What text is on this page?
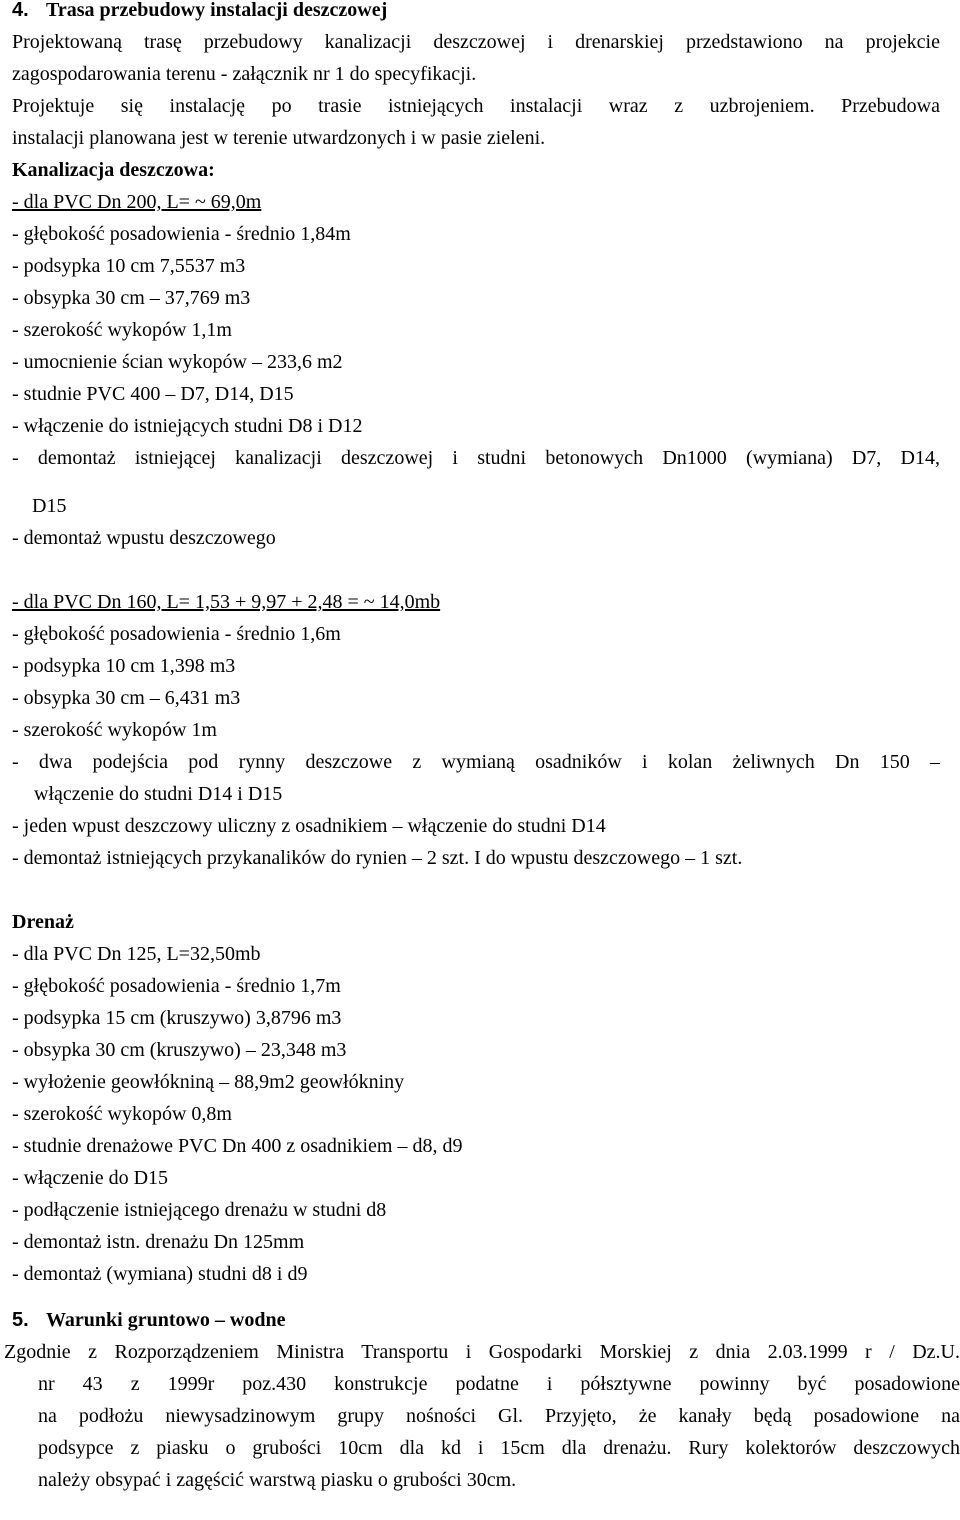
4. Trasa przebudowy instalacji deszczowej

Projektowaną trasę przebudowy kanalizacji deszczowej i drenarskiej przedstawiono na projekcie

zagospodarowania terenu - załącznik nr 1 do specyfikacji.

Projektuje się instalację po trasie istniejących instalacji wraz z uzbrojeniem. Przebudowa

instalacji planowana jest w terenie utwardzonych i w pasie zieleni.

Kanalizacja deszczowa:

- dla PVC Dn 200, L= ~ 69,0m

- głębokość posadowienia - średnio 1,84m

- podsypka 10 cm 7,5537 m3

- obsypka 30 cm – 37,769 m3

- szerokość wykopów 1,1m

- umocnienie ścian wykopów – 233,6 m2

- studnie PVC 400 – D7, D14, D15

- włączenie do istniejących studni D8 i D12

- demontaż istniejącej kanalizacji deszczowej i studni betonowych Dn1000 (wymiana) D7, D14,

D15

- demontaż wpustu deszczowego

- dla PVC Dn 160, L= 1,53 + 9,97 + 2,48 = ~ 14,0mb

- głębokość posadowienia - średnio 1,6m

- podsypka 10 cm 1,398 m3

- obsypka 30 cm – 6,431 m3

- szerokość wykopów 1m

- dwa podejścia pod rynny deszczowe z wymianą osadników i kolan żeliwnych Dn 150 –

włączenie do studni D14 i D15

- jeden wpust deszczowy uliczny z osadnikiem – włączenie do studni D14

- demontaż istniejących przykanalików do rynien – 2 szt. I do wpustu deszczowego – 1 szt.

Drenaż

- dla PVC Dn 125, L=32,50mb

- głębokość posadowienia - średnio 1,7m

- podsypka 15 cm (kruszywo) 3,8796 m3

- obsypka 30 cm (kruszywo) – 23,348 m3

- wyłożenie geowłókniną – 88,9m2 geowłókniny

- szerokość wykopów 0,8m

- studnie drenażowe PVC Dn 400 z osadnikiem – d8, d9

- włączenie do D15

- podłączenie istniejącego drenażu w studni d8

- demontaż istn. drenażu Dn 125mm

- demontaż (wymiana) studni d8 i d9

5. Warunki gruntowo – wodne

Zgodnie z Rozporządzeniem Ministra Transportu i Gospodarki Morskiej z dnia 2.03.1999 r / Dz.U.

nr 43 z 1999r poz.430 konstrukcje podatne i półsztywne powinny być posadowione

na podłożu niewysadzinowym grupy nośności Gl. Przyjęto, że kanały będą posadowione na

podsypce z piasku o grubości 10cm dla kd i 15cm dla drenażu. Rury kolektorów deszczowych

należy obsypać i zagęścić warstwą piasku o grubości 30cm.
